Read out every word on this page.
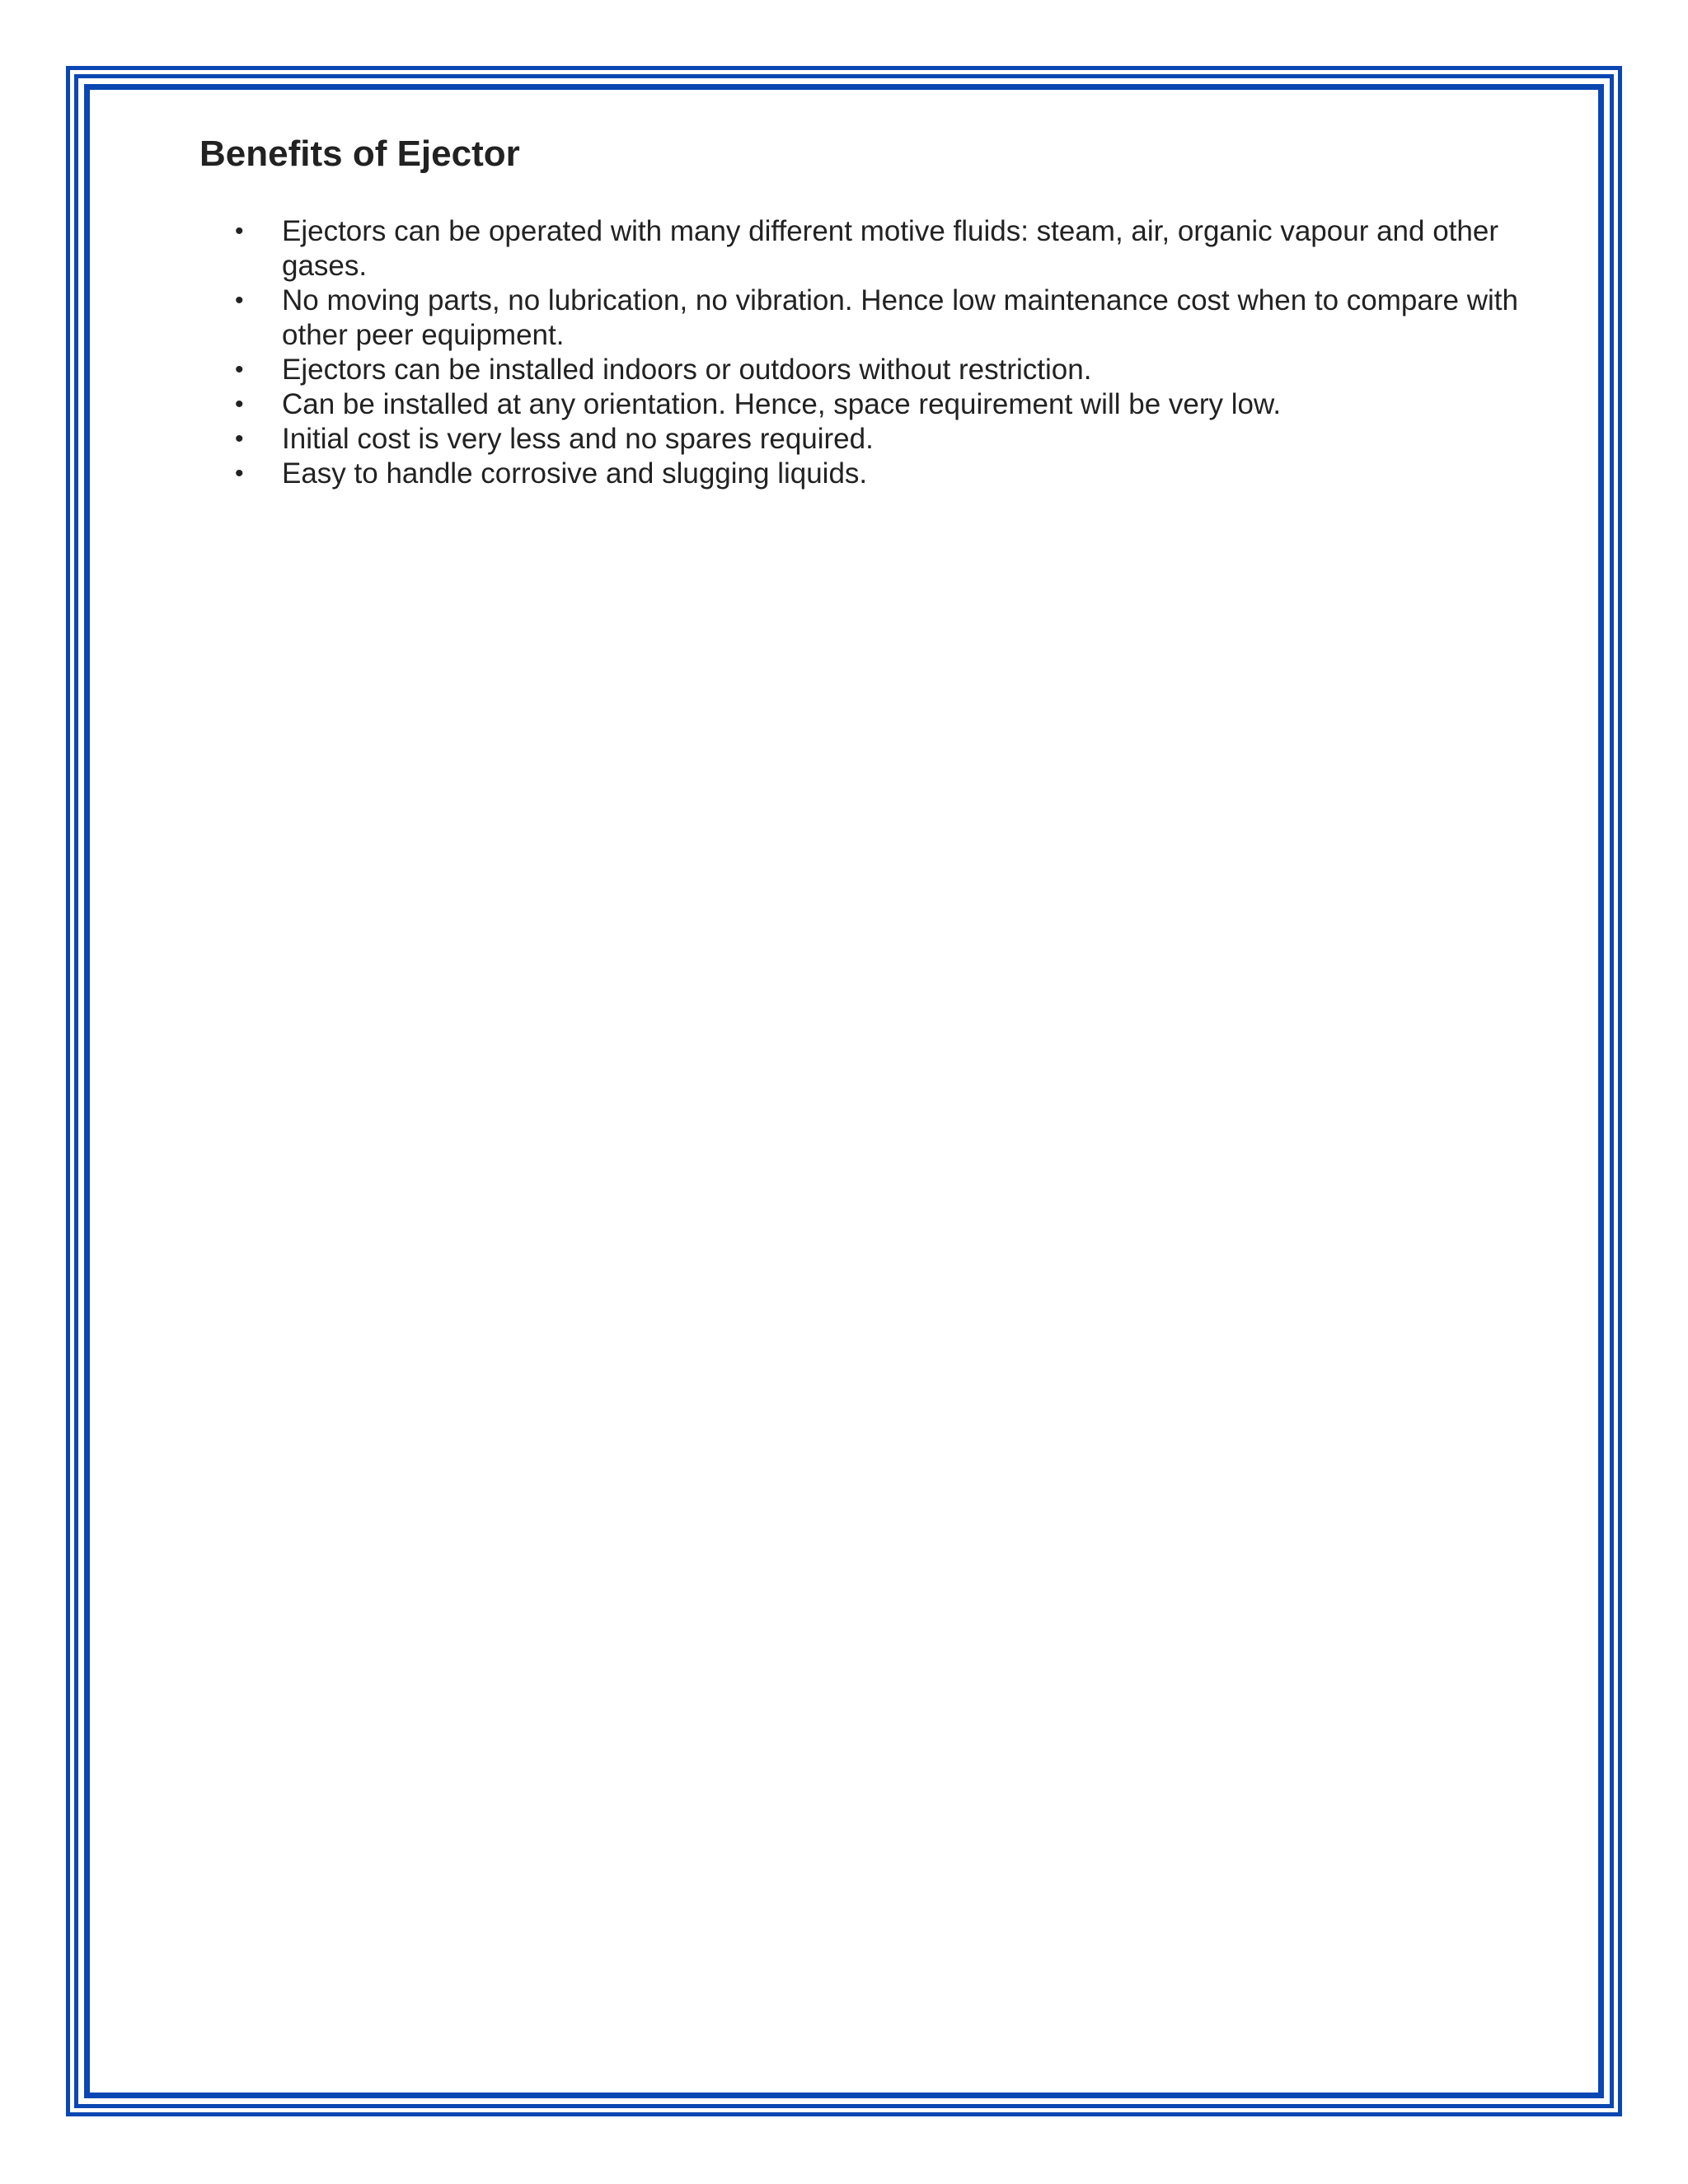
Benefits of Ejector
• Ejectors can be operated with many different motive fluids: steam, air, organic vapour and other gases.
• No moving parts, no lubrication, no vibration. Hence low maintenance cost when to compare with other peer equipment.
• Ejectors can be installed indoors or outdoors without restriction.
• Can be installed at any orientation. Hence, space requirement will be very low.
• Initial cost is very less and no spares required.
• Easy to handle corrosive and slugging liquids.
